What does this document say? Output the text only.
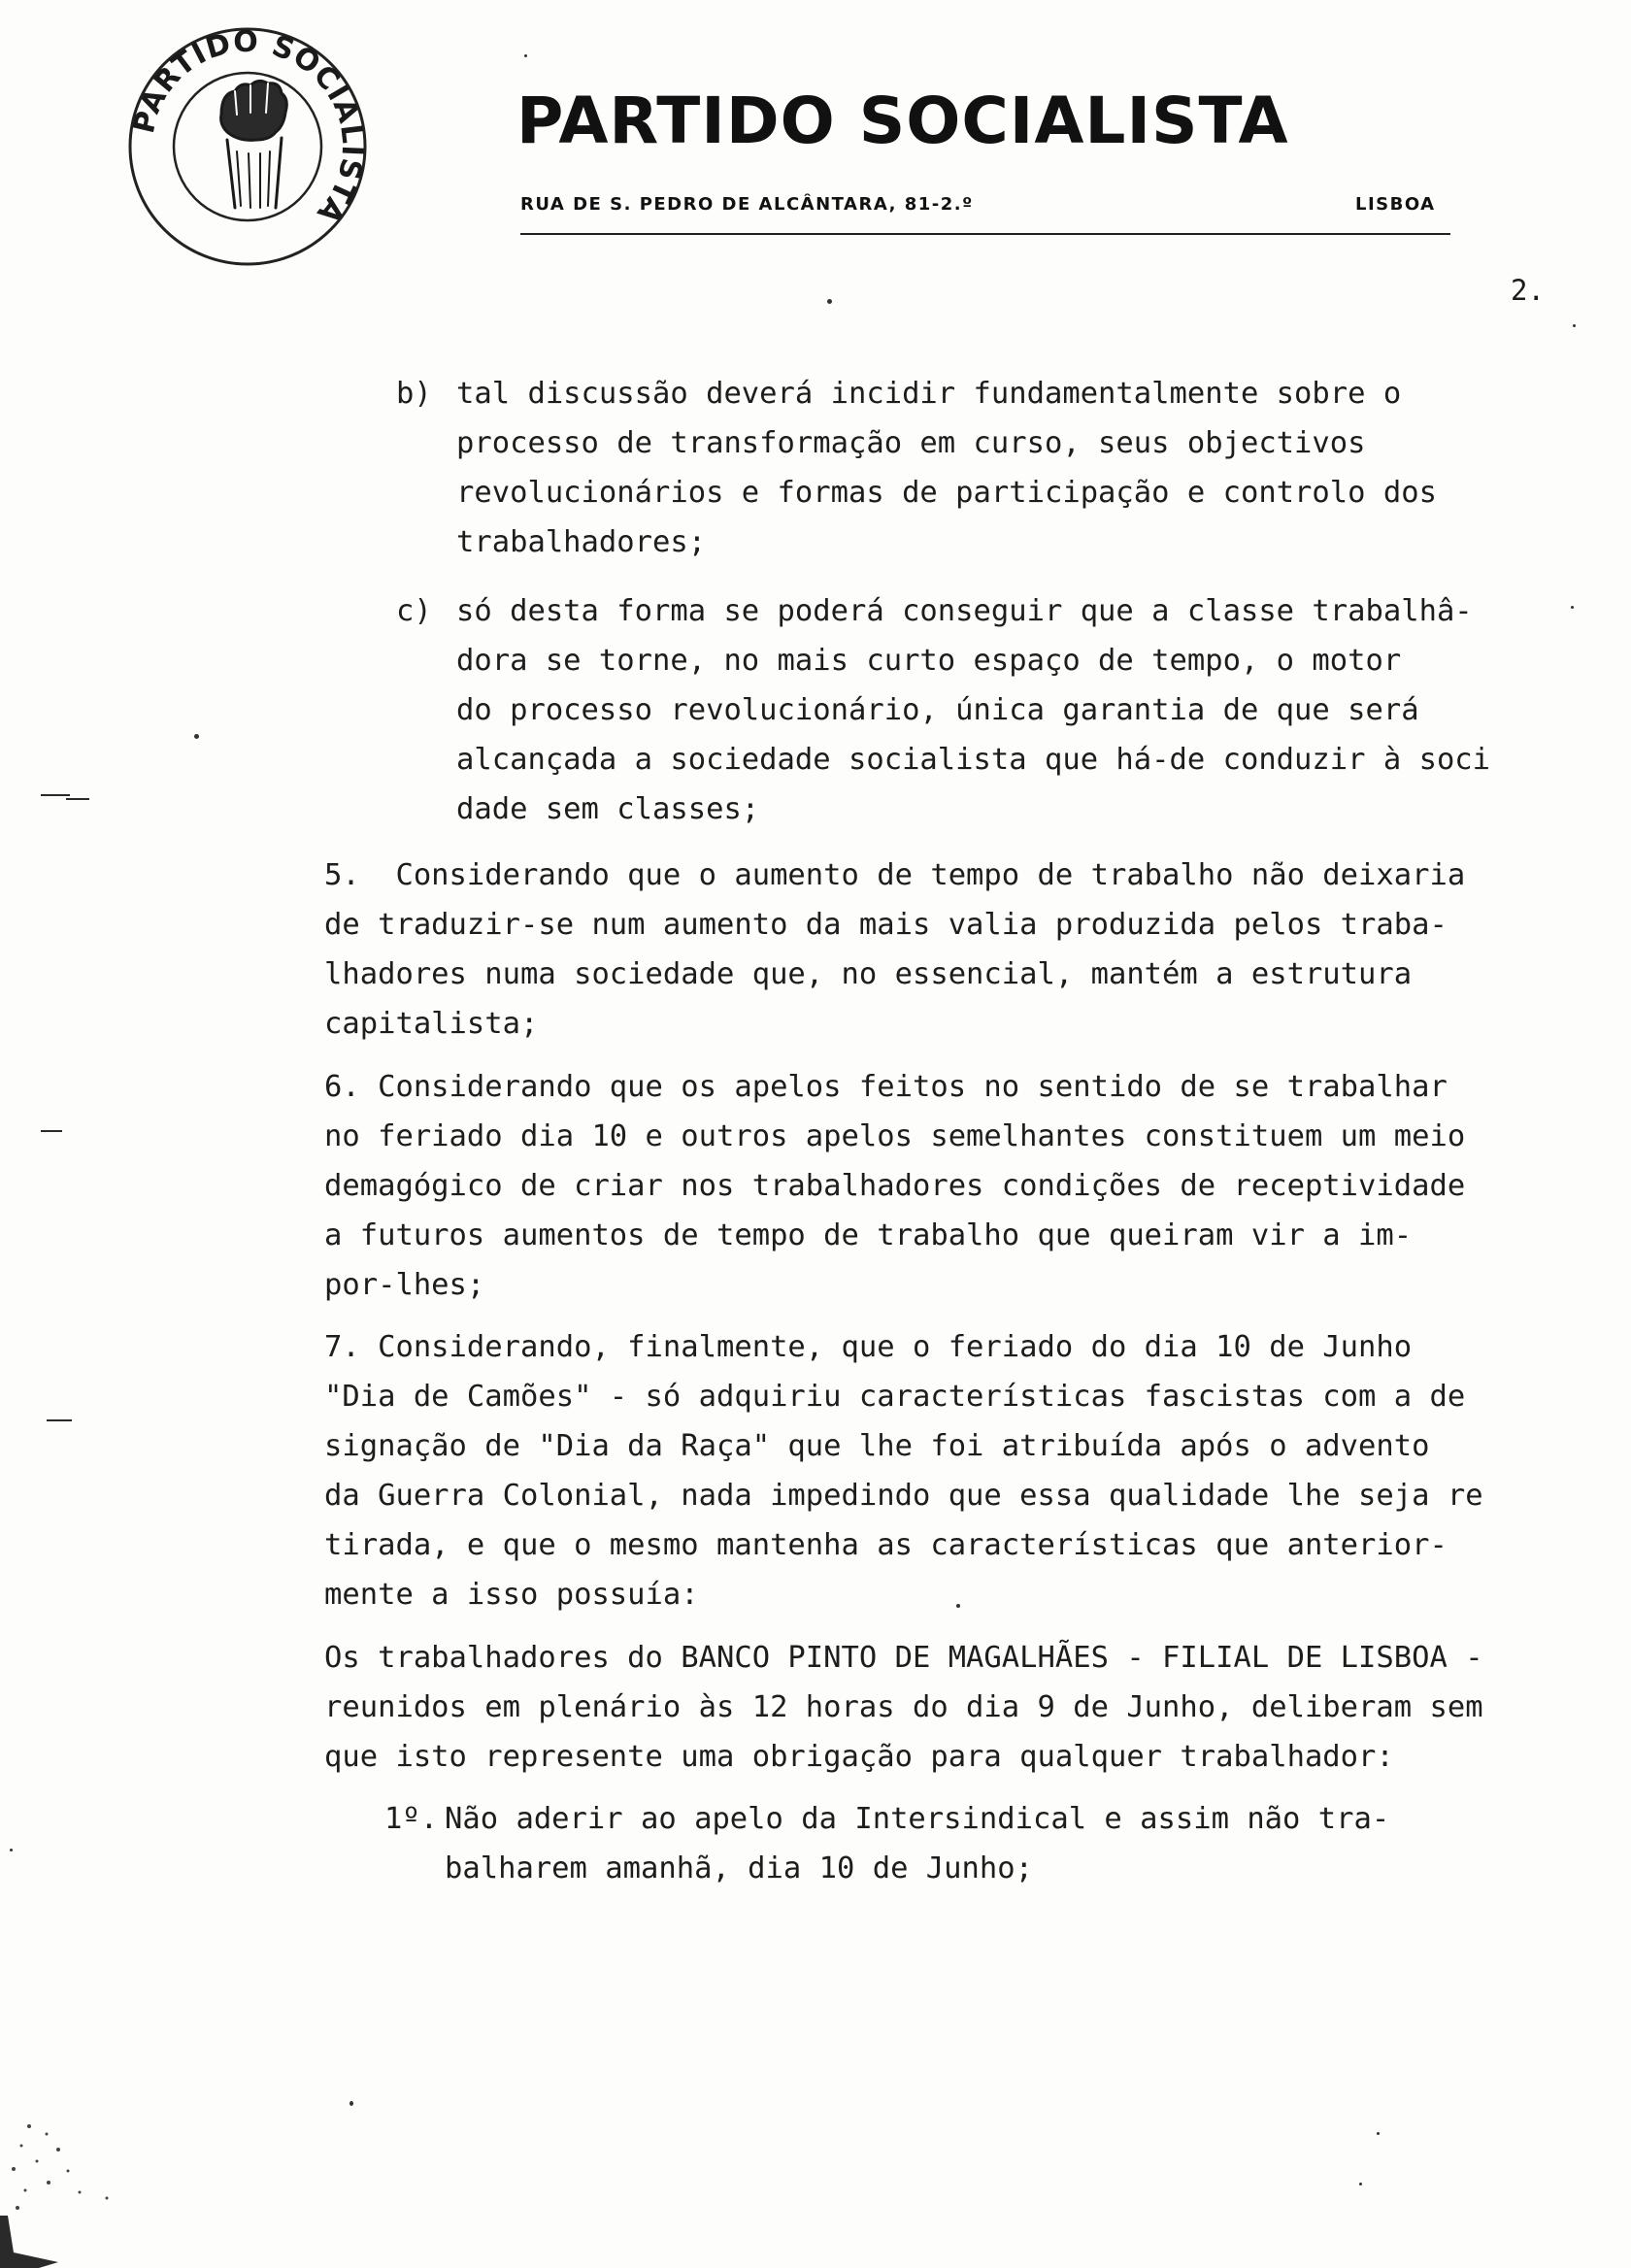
PARTIDO SOCIALISTA
PARTIDO SOCIALISTA
RUA DE S. PEDRO DE ALCÂNTARA, 81-2.º	LISBOA
2.
b) tal discussão deverá incidir fundamentalmente sobre o
processo de transformação em curso, seus objectivos
revolucionários e formas de participação e controlo dos
trabalhadores;
c) só desta forma se poderá conseguir que a classe trabalhâ-
dora se torne, no mais curto espaço de tempo, o motor
do processo revolucionário, única garantia de que será
alcançada a sociedade socialista que há-de conduzir à soci
dade sem classes;
5.  Considerando que o aumento de tempo de trabalho não deixaria
de traduzir-se num aumento da mais valia produzida pelos traba-
lhadores numa sociedade que, no essencial, mantém a estrutura
capitalista;
6. Considerando que os apelos feitos no sentido de se trabalhar
no feriado dia 10 e outros apelos semelhantes constituem um meio
demagógico de criar nos trabalhadores condições de receptividade
a futuros aumentos de tempo de trabalho que queiram vir a im-
por-lhes;
7. Considerando, finalmente, que o feriado do dia 10 de Junho
"Dia de Camões" - só adquiriu características fascistas com a de
signação de "Dia da Raça" que lhe foi atribuída após o advento
da Guerra Colonial, nada impedindo que essa qualidade lhe seja re
tirada, e que o mesmo mantenha as características que anterior-
mente a isso possuía:
Os trabalhadores do BANCO PINTO DE MAGALHÃES - FILIAL DE LISBOA -
reunidos em plenário às 12 horas do dia 9 de Junho, deliberam sem
que isto represente uma obrigação para qualquer trabalhador:
1º. Não aderir ao apelo da Intersindical e assim não tra-
balharem amanhã, dia 10 de Junho;
